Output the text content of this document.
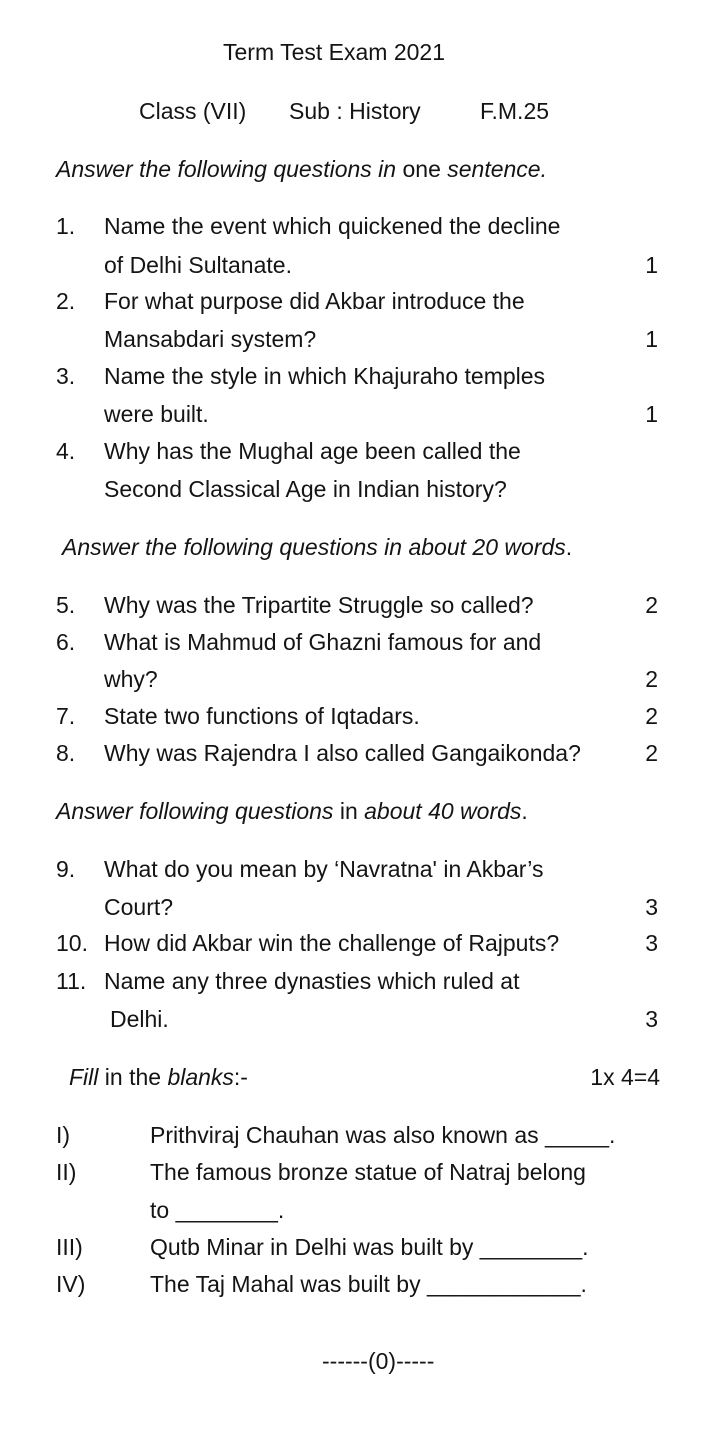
Term Test Exam 2021
Class (VII) Sub : History	F.M.25
Answer the following questions in one sentence.
1. Name the event which quickened the decline
of Delhi Sultanate.	1
2. For what purpose did Akbar introduce the
Mansabdari system?	1
3. Name the style in which Khajuraho temples
were built.	1
4. Why has the Mughal age been called the
Second Classical Age in Indian history?
Answer the following questions in about 20 words.
5. Why was the Tripartite Struggle so called?	2
6. What is Mahmud of Ghazni famous for and
why?	2
7. State two functions of Iqtadars.	2
8. Why was Rajendra I also called Gangaikonda?	2
Answer following questions in about 40 words.
9. What do you mean by ‘Navratna' in Akbar’s
Court?	3
10. How did Akbar win the challenge of Rajputs?	3
11. Name any three dynasties which ruled at
Delhi.	3
Fill in the blanks:-	1x 4=4
I)	Prithviraj Chauhan was also known as _____.
II)	The famous bronze statue of Natraj belong
to ________.
III)	Qutb Minar in Delhi was built by ________.
IV)	The Taj Mahal was built by ____________.
------(0)-----
